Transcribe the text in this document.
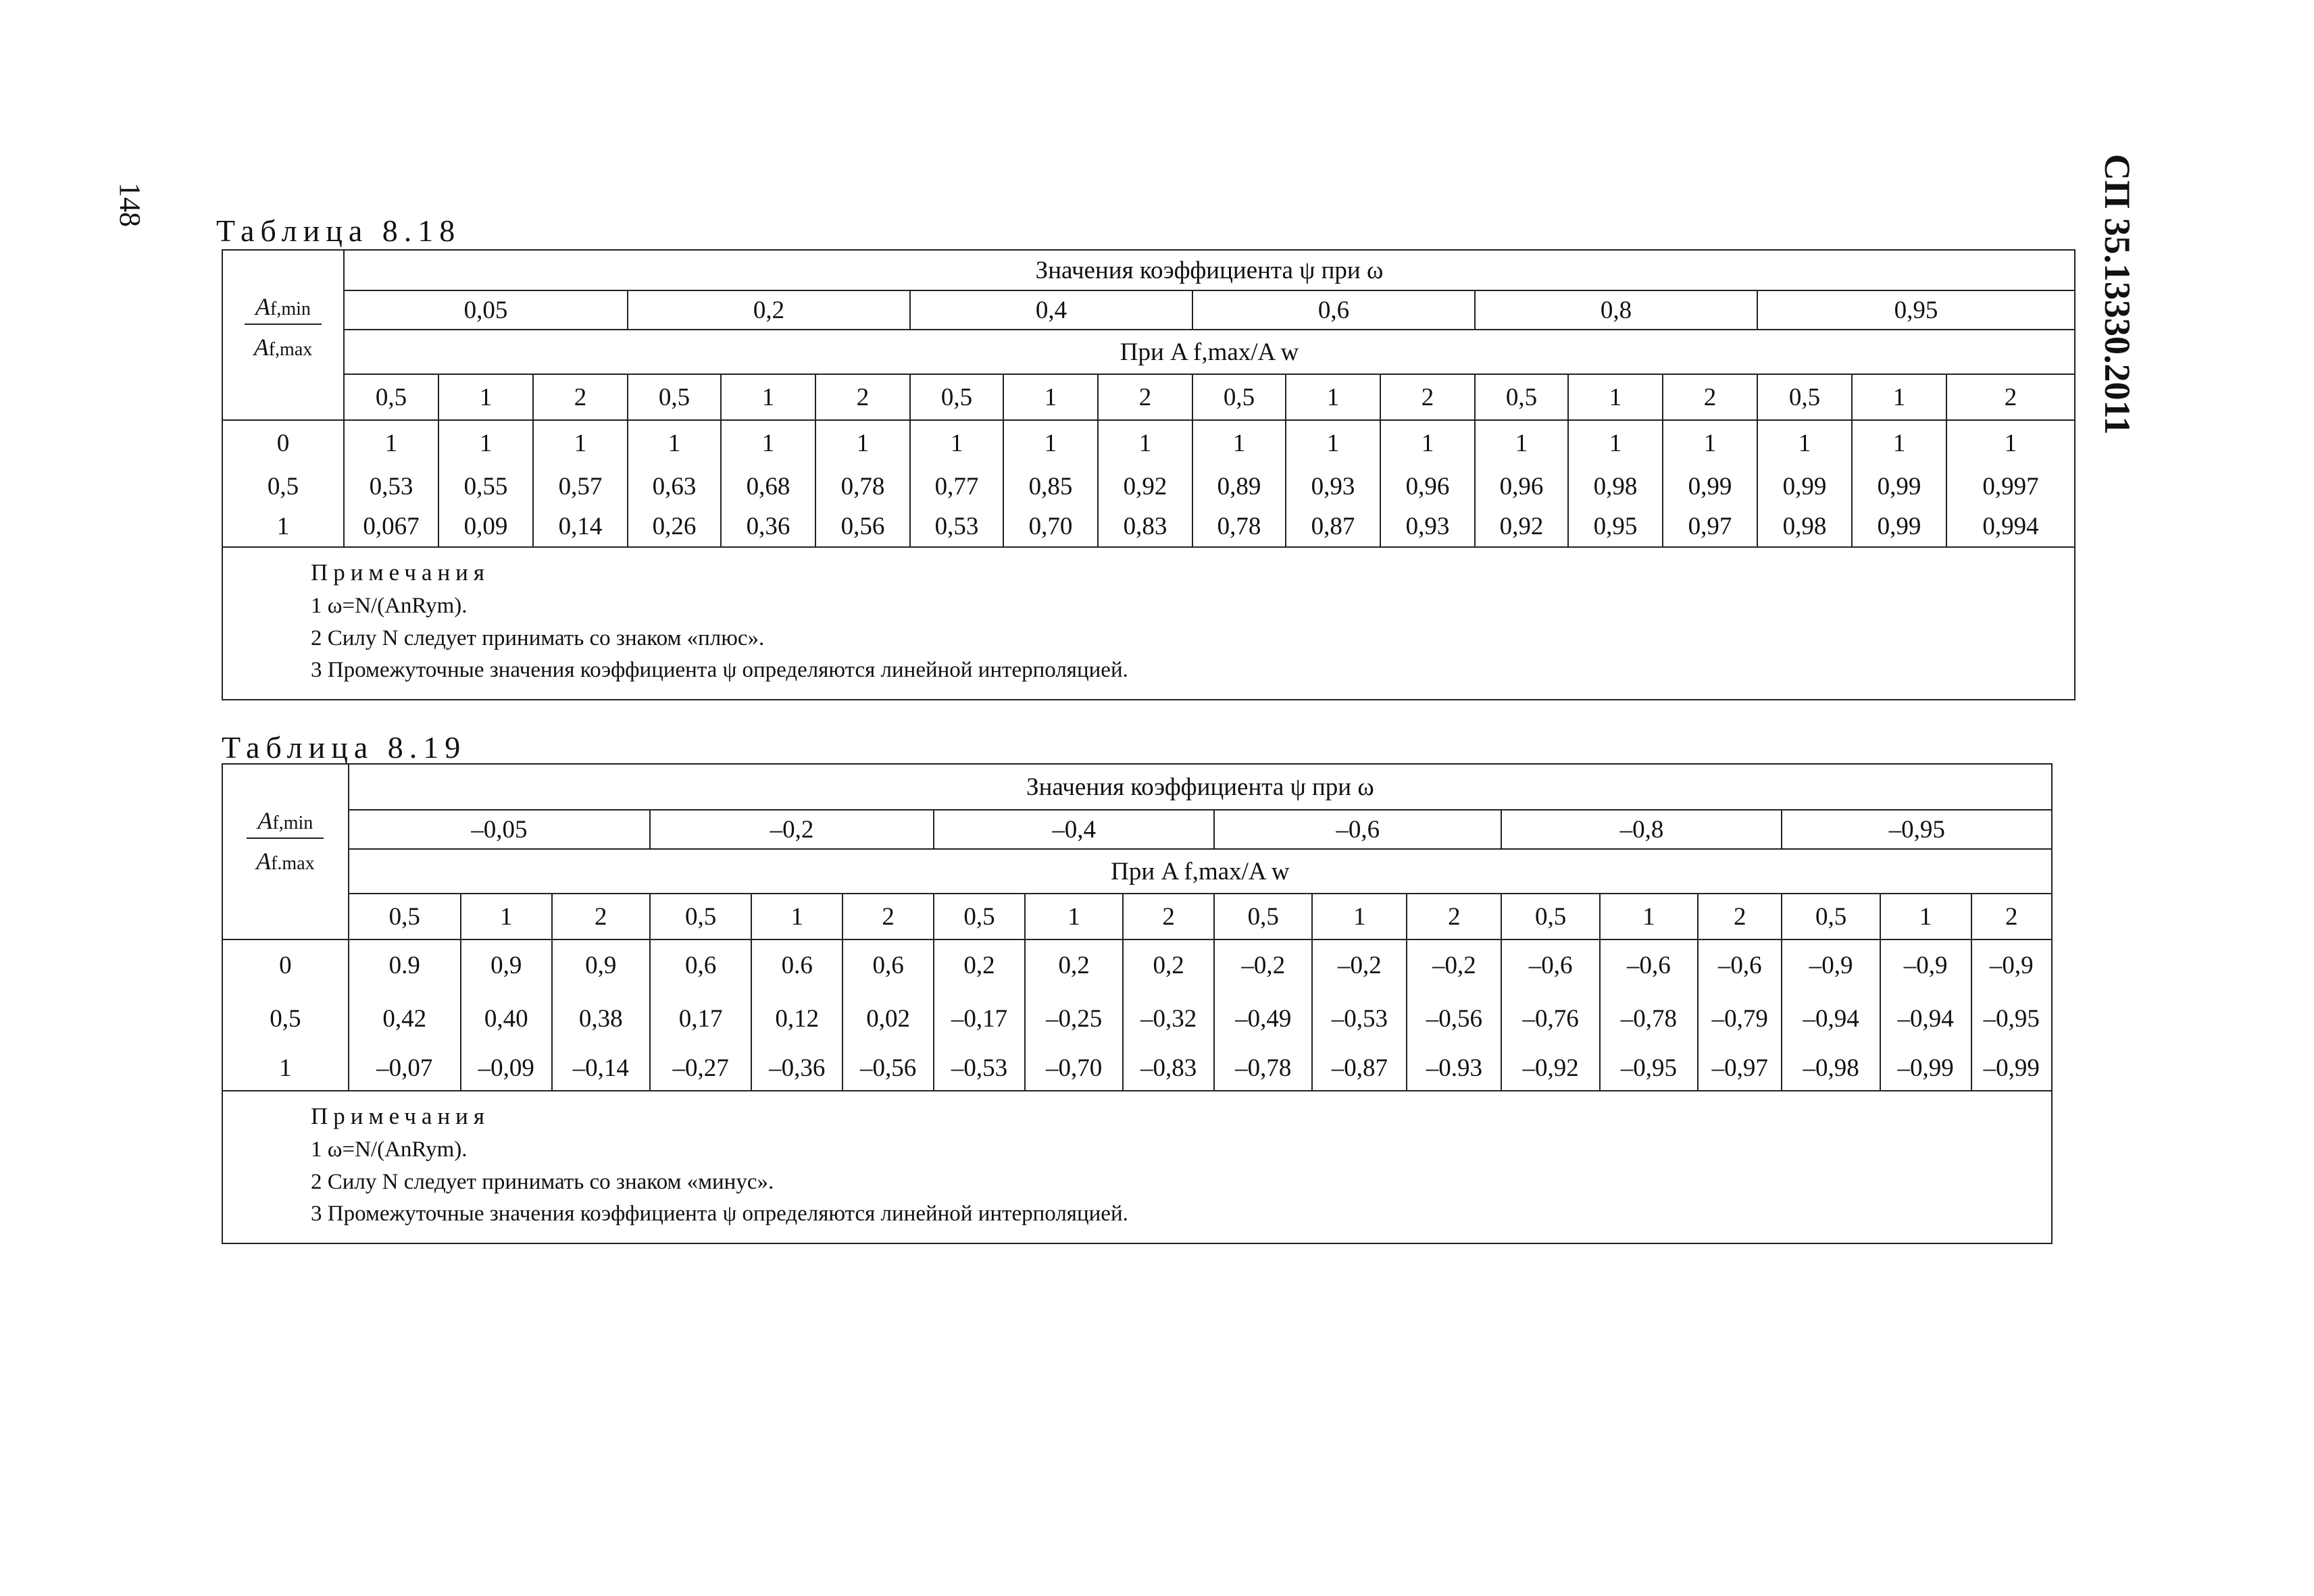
148	СП 35.13330.2011
Таблица 8.18
Af,min
Af,max	Значения коэффициента ψ при ω																	
	0,05			0,2			0,4			0,6			0,8			0,95		
	При A f,max/A w																	
	0,5	1	2	0,5	1	2	0,5	1	2	0,5	1	2	0,5	1	2	0,5	1	2
0	1	1	1	1	1	1	1	1	1	1	1	1	1	1	1	1	1	1
0,5	0,53	0,55	0,57	0,63	0,68	0,78	0,77	0,85	0,92	0,89	0,93	0,96	0,96	0,98	0,99	0,99	0,99	0,997
1	0,067	0,09	0,14	0,26	0,36	0,56	0,53	0,70	0,83	0,78	0,87	0,93	0,92	0,95	0,97	0,98	0,99	0,994

Примечания
1 ω=N/(AnRym).
2 Силу N следует принимать со знаком «плюс».
3 Промежуточные значения коэффициента ψ определяются линейной интерполяцией.																		
Таблица 8.19
Af,min
Af.max	Значения коэффициента ψ при ω																	
	–0,05			–0,2			–0,4			–0,6			–0,8			–0,95		
	При A f,max/A w																	
	0,5	1	2	0,5	1	2	0,5	1	2	0,5	1	2	0,5	1	2	0,5	1	2
0	0.9	0,9	0,9	0,6	0.6	0,6	0,2	0,2	0,2	–0,2	–0,2	–0,2	–0,6	–0,6	–0,6	–0,9	–0,9	–0,9
0,5	0,42	0,40	0,38	0,17	0,12	0,02	–0,17	–0,25	–0,32	–0,49	–0,53	–0,56	–0,76	–0,78	–0,79	–0,94	–0,94	–0,95
1	–0,07	–0,09	–0,14	–0,27	–0,36	–0,56	–0,53	–0,70	–0,83	–0,78	–0,87	–0.93	–0,92	–0,95	–0,97	–0,98	–0,99	–0,99

Примечания
1 ω=N/(AnRym).
2 Силу N следует принимать со знаком «минус».
3 Промежуточные значения коэффициента ψ определяются линейной интерполяцией.																		
